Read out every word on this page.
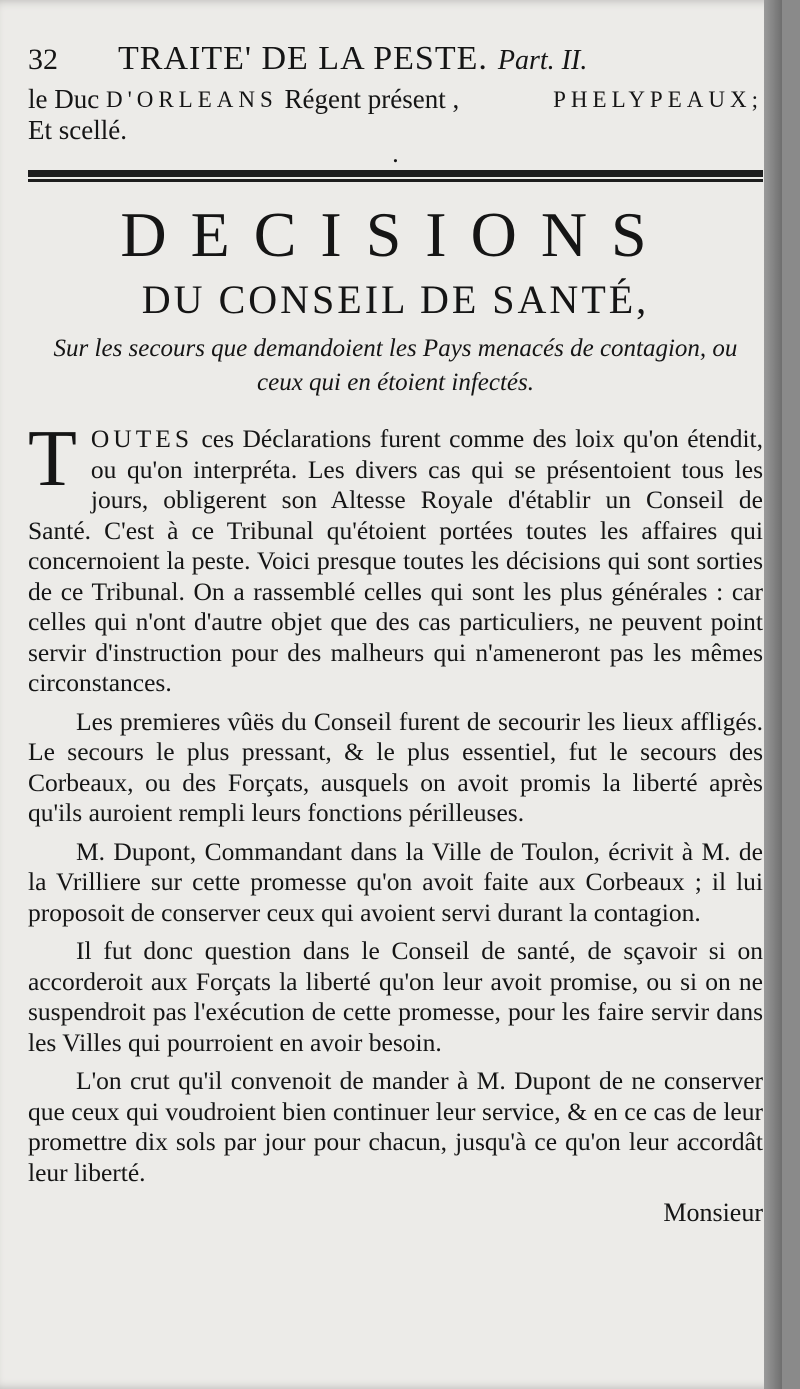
32	TRAITE' DE LA PESTE. Part. II.
le Duc
D'ORLEANS
Régent présent ,	PHELYPEAUX;
Et scellé.
.
DECISIONS
DU CONSEIL DE SANTÉ,
Sur les secours que demandoient les Pays menacés de contagion, ou ceux qui en étoient infectés.

TOUTES ces Déclarations furent comme des loix qu'on étendit, ou qu'on interpréta. Les divers cas qui se présentoient tous les jours, obligerent son Altesse Royale d'établir un Conseil de Santé. C'est à ce Tribunal qu'étoient portées toutes les affaires qui concernoient la peste. Voici presque toutes les décisions qui sont sorties de ce Tribunal. On a rassemblé celles qui sont les plus générales : car celles qui n'ont d'autre objet que des cas particuliers, ne peuvent point servir d'instruction pour des malheurs qui n'ameneront pas les mêmes circonstances.

Les premieres vûës du Conseil furent de secourir les lieux affligés. Le secours le plus pressant, & le plus essentiel, fut le secours des Corbeaux, ou des Forçats, ausquels on avoit promis la liberté après qu'ils auroient rempli leurs fonctions périlleuses.

M. Dupont, Commandant dans la Ville de Toulon, écrivit à M. de la Vrilliere sur cette promesse qu'on avoit faite aux Corbeaux ; il lui proposoit de conserver ceux qui avoient servi durant la contagion.

Il fut donc question dans le Conseil de santé, de sçavoir si on accorderoit aux Forçats la liberté qu'on leur avoit promise, ou si on ne suspendroit pas l'exécution de cette promesse, pour les faire servir dans les Villes qui pourroient en avoir besoin.

L'on crut qu'il convenoit de mander à M. Dupont de ne conserver que ceux qui voudroient bien continuer leur service, & en ce cas de leur promettre dix sols par jour pour chacun, jusqu'à ce qu'on leur accordât leur liberté.

Monsieur
